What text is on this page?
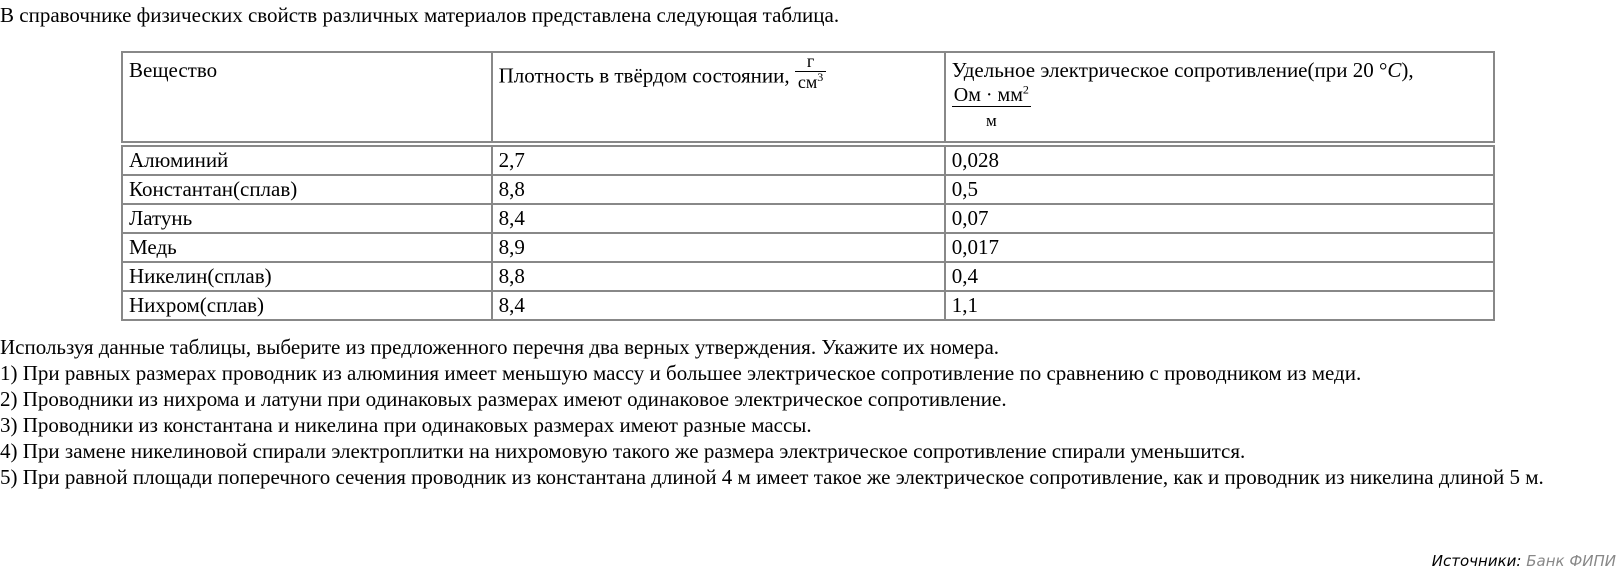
В справочнике физических свойств различных материалов представлена следующая таблица.
Вещество	Плотность в твёрдом состоянии, $\frac{г}{см^3}$	Удельное электрическое сопротивление(при 20 °C),

$\frac{Ом \cdot мм^2}{м}$

Алюминий	2,7	0,028
Константан(сплав)	8,8	0,5
Латунь	8,4	0,07
Медь	8,9	0,017
Никелин(сплав)	8,8	0,4
Нихром(сплав)	8,4	1,1

Используя данные таблицы, выберите из предложенного перечня два верных утверждения. Укажите их номера.

1) При равных размерах проводник из алюминия имеет меньшую массу и большее электрическое сопротивление по сравнению с проводником из меди.

2) Проводники из нихрома и латуни при одинаковых размерах имеют одинаковое электрическое сопротивление.

3) Проводники из константана и никелина при одинаковых размерах имеют разные массы.

4) При замене никелиновой спирали электроплитки на нихромовую такого же размера электрическое сопротивление спирали уменьшится.

5) При равной площади поперечного сечения проводник из константана длиной 4 м имеет такое же электрическое сопротивление, как и проводник из никелина длиной 5 м.

Источники: Банк ФИПИ
